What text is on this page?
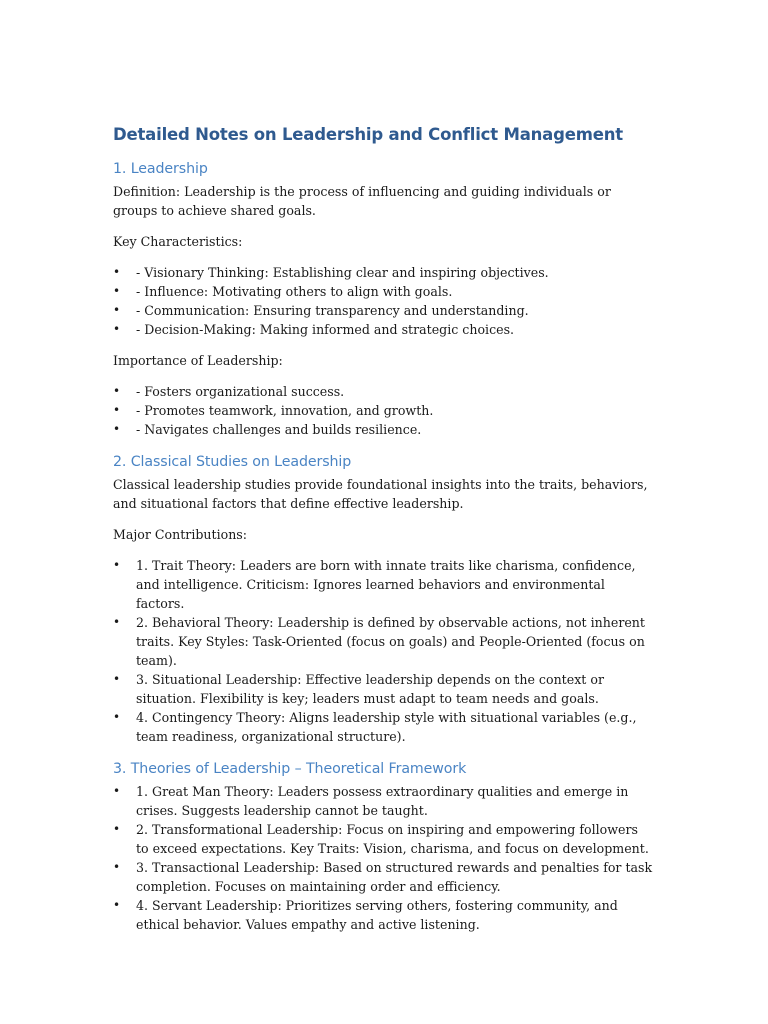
Detailed Notes on Leadership and Conflict Management
1. Leadership

Definition: Leadership is the process of influencing and guiding individuals or groups to achieve shared goals.

Key Characteristics:

• - Visionary Thinking: Establishing clear and inspiring objectives.
• - Influence: Motivating others to align with goals.
• - Communication: Ensuring transparency and understanding.
• - Decision-Making: Making informed and strategic choices.

Importance of Leadership:

• - Fosters organizational success.
• - Promotes teamwork, innovation, and growth.
• - Navigates challenges and builds resilience.
2. Classical Studies on Leadership

Classical leadership studies provide foundational insights into the traits, behaviors, and situational factors that define effective leadership.

Major Contributions:

• 1. Trait Theory: Leaders are born with innate traits like charisma, confidence, and intelligence. Criticism: Ignores learned behaviors and environmental factors.
• 2. Behavioral Theory: Leadership is defined by observable actions, not inherent traits. Key Styles: Task-Oriented (focus on goals) and People-Oriented (focus on team).
• 3. Situational Leadership: Effective leadership depends on the context or situation. Flexibility is key; leaders must adapt to team needs and goals.
• 4. Contingency Theory: Aligns leadership style with situational variables (e.g., team readiness, organizational structure).
3. Theories of Leadership – Theoretical Framework
• 1. Great Man Theory: Leaders possess extraordinary qualities and emerge in crises. Suggests leadership cannot be taught.
• 2. Transformational Leadership: Focus on inspiring and empowering followers to exceed expectations. Key Traits: Vision, charisma, and focus on development.
• 3. Transactional Leadership: Based on structured rewards and penalties for task completion. Focuses on maintaining order and efficiency.
• 4. Servant Leadership: Prioritizes serving others, fostering community, and ethical behavior. Values empathy and active listening.
